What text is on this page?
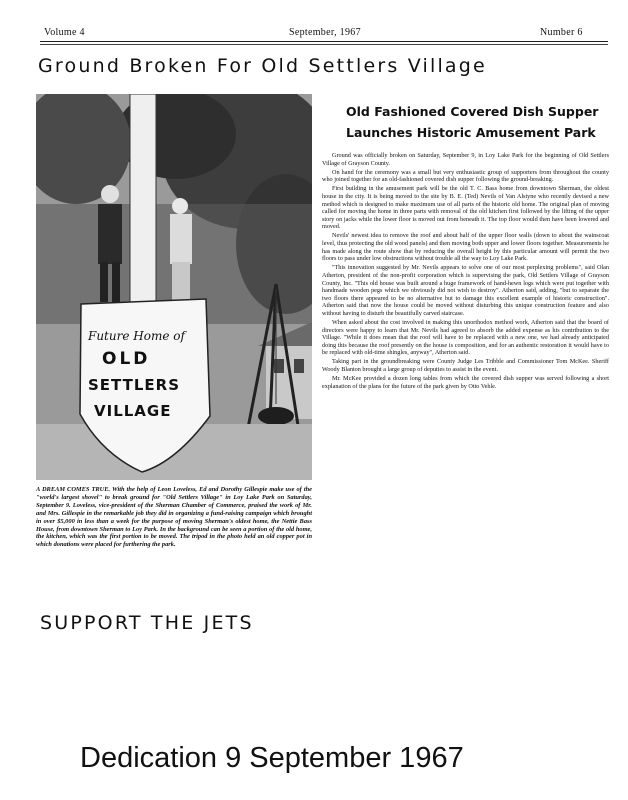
Volume 4	September, 1967	Number 6
Ground Broken For Old Settlers Village
Future Home of
OLD
SETTLERS
VILLAGE
A DREAM COMES TRUE. With the help of Leon Loveless, Ed and Dorothy Gillespie make use of the "world's largest shovel" to break ground for "Old Settlers Village" in Loy Lake Park on Saturday, September 9. Loveless, vice-president of the Sherman Chamber of Commerce, praised the work of Mr. and Mrs. Gillespie in the remarkable job they did in organizing a fund-raising campaign which brought in over $5,000 in less than a week for the purpose of moving Sherman's oldest home, the Nettie Bass House, from downtown Sherman to Loy Park. In the background can be seen a portion of the old home, the kitchen, which was the first portion to be moved. The tripod in the photo held an old copper pot in which donations were placed for furthering the park.
SUPPORT THE JETS
Old Fashioned Covered Dish Supper
Launches Historic Amusement Park

Ground was officially broken on Saturday, September 9, in Loy Lake Park for the beginning of Old Settlers Village of Grayson County.

On hand for the ceremony was a small but very enthusiastic group of supporters from throughout the county who joined together for an old-fashioned covered dish supper following the ground-breaking.

First building in the amusement park will be the old T. C. Bass home from downtown Sherman, the oldest house in the city. It is being moved to the site by B. E. (Ted) Nevils of Van Alstyne who recently devised a new method which is designed to make maximum use of all parts of the historic old home. The original plan of moving called for moving the home in three parts with removal of the old kitchen first followed by the lifting of the upper story on jacks while the lower floor is moved out from beneath it. The top floor would then have been lowered and moved.

Nevils' newest idea to remove the roof and about half of the upper floor walls (down to about the wainscoat level, thus protecting the old wood panels) and then moving both upper and lower floors together. Measurements he has made along the route show that by reducing the overall height by this particular amount will permit the two floors to pass under low obstructions without trouble all the way to Loy Lake Park.

"This innovation suggested by Mr. Nevils appears to solve one of our most perplexing problems", said Olan Atherton, president of the non-profit corporation which is supervising the park, Old Settlers Village of Grayson County, Inc. "This old house was built around a huge framework of hand-hewn logs which were put together with handmade wooden pegs which we obviously did not wish to destroy". Atherton said, adding, "but to separate the two floors there appeared to be no alternative but to damage this excellent example of historic construction". Atherton said that now the house could be moved without disturbing this unique construction feature and also without having to disturb the beautifully carved staircase.

When asked about the cost involved in making this unorthodox method work, Atherton said that the board of directors were happy to learn that Mr. Nevils had agreed to absorb the added expense as his contribution to the Village. "While it does mean that the roof will have to be replaced with a new one, we had already anticipated doing this because the roof presently on the house is composition, and for an authentic restoration it would have to be replaced with old-time shingles, anyway", Atherton said.

Taking part in the groundbreaking were County Judge Les Tribble and Commissioner Tom McKee. Sheriff Woody Blanton brought a large group of deputies to assist in the event.

Mr. McKee provided a dozen long tables from which the covered dish supper was served following a short explanation of the plans for the future of the park given by Otto Vehle.

Dedication 9 September 1967
